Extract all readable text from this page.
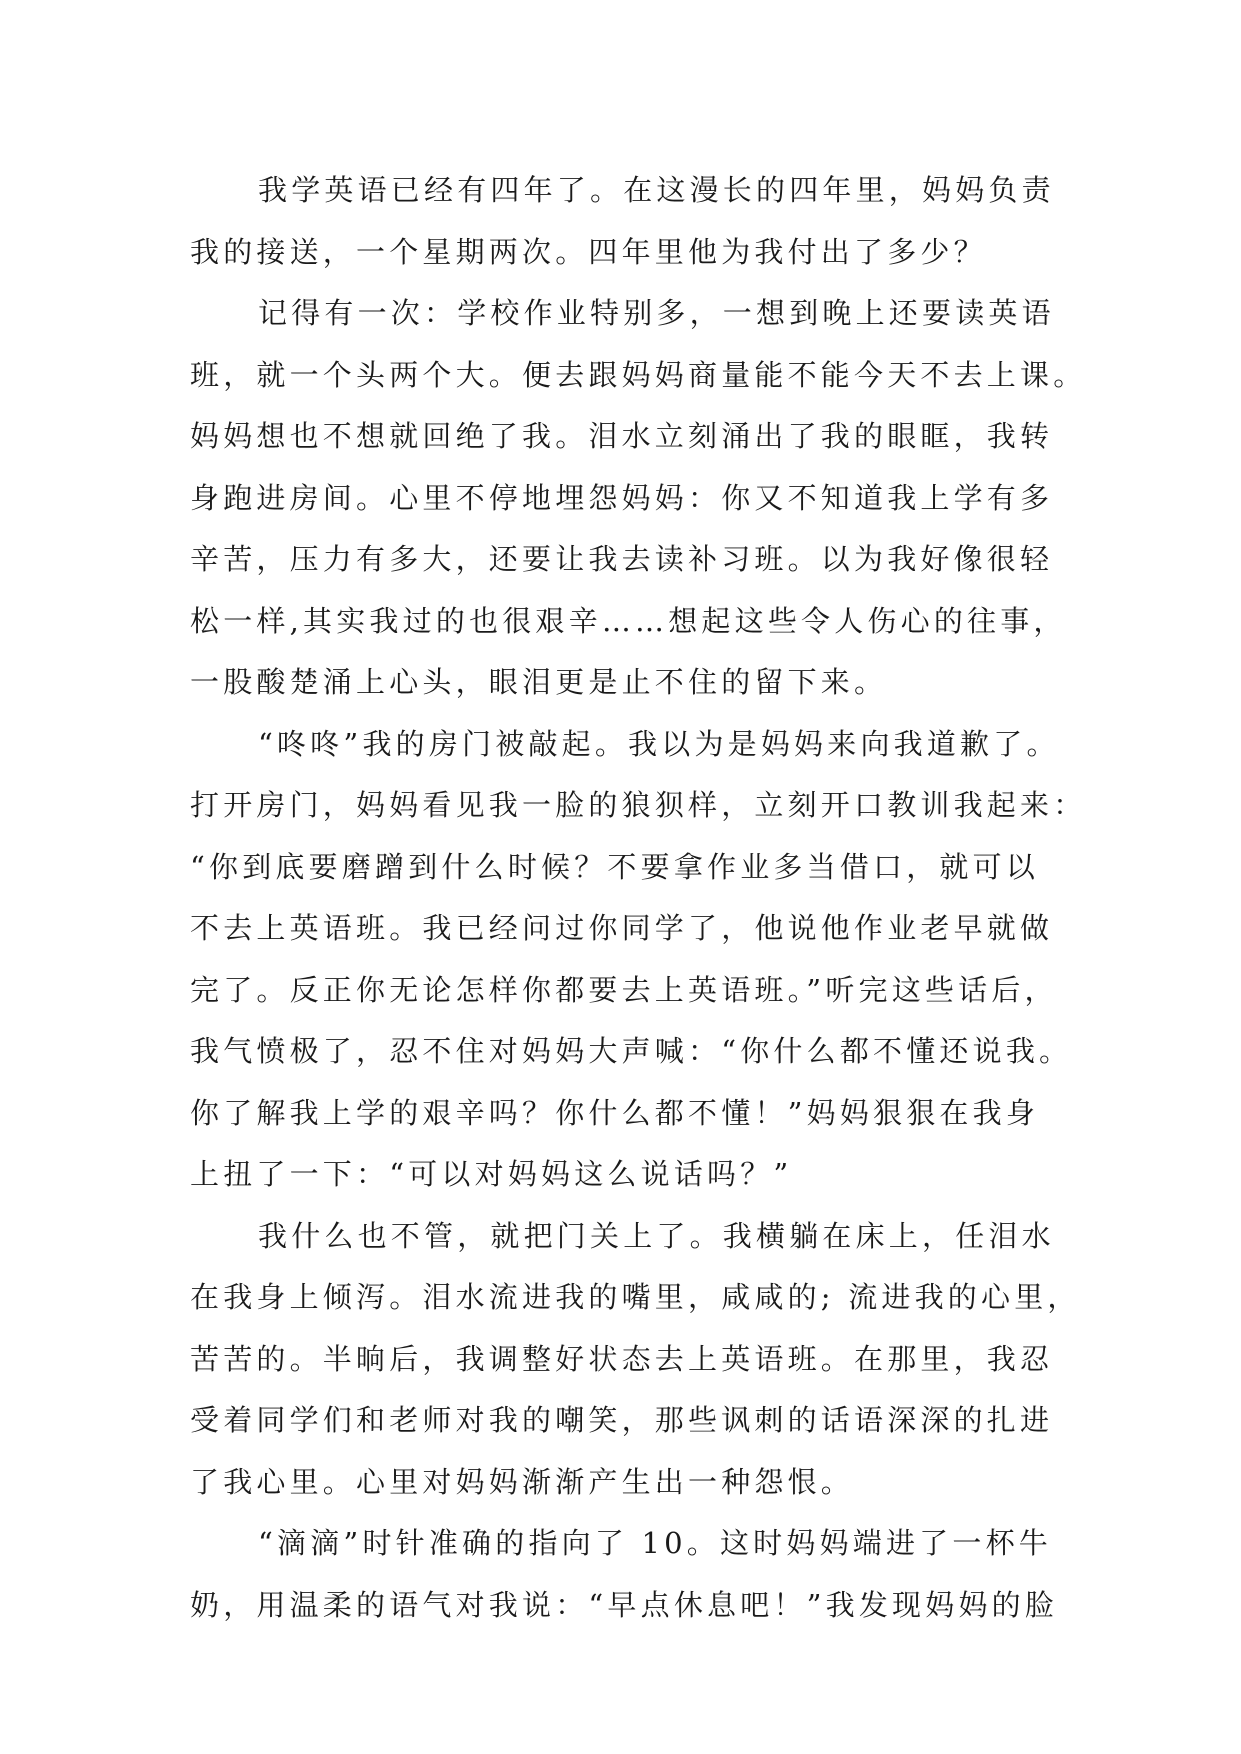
我学英语已经有四年了。在这漫长的四年里，妈妈负责
我的接送，一个星期两次。四年里他为我付出了多少？
记得有一次：学校作业特别多，一想到晚上还要读英语
班，就一个头两个大。便去跟妈妈商量能不能今天不去上课。
妈妈想也不想就回绝了我。泪水立刻涌出了我的眼眶，我转
身跑进房间。心里不停地埋怨妈妈：你又不知道我上学有多
辛苦，压力有多大，还要让我去读补习班。以为我好像很轻
松一样,其实我过的也很艰辛……想起这些令人伤心的往事，
一股酸楚涌上心头，眼泪更是止不住的留下来。
“咚咚”我的房门被敲起。我以为是妈妈来向我道歉了。
打开房门，妈妈看见我一脸的狼狈样，立刻开口教训我起来：
“你到底要磨蹭到什么时候？不要拿作业多当借口，就可以
不去上英语班。我已经问过你同学了，他说他作业老早就做
完了。反正你无论怎样你都要去上英语班。”听完这些话后，
我气愤极了，忍不住对妈妈大声喊：“你什么都不懂还说我。
你了解我上学的艰辛吗？你什么都不懂！”妈妈狠狠在我身
上扭了一下：“可以对妈妈这么说话吗？”
我什么也不管，就把门关上了。我横躺在床上，任泪水
在我身上倾泻。泪水流进我的嘴里，咸咸的; 流进我的心里，
苦苦的。半晌后，我调整好状态去上英语班。在那里，我忍
受着同学们和老师对我的嘲笑，那些讽刺的话语深深的扎进
了我心里。心里对妈妈渐渐产生出一种怨恨。
“滴滴”时针准确的指向了 10。这时妈妈端进了一杯牛
奶，用温柔的语气对我说：“早点休息吧！”我发现妈妈的脸
